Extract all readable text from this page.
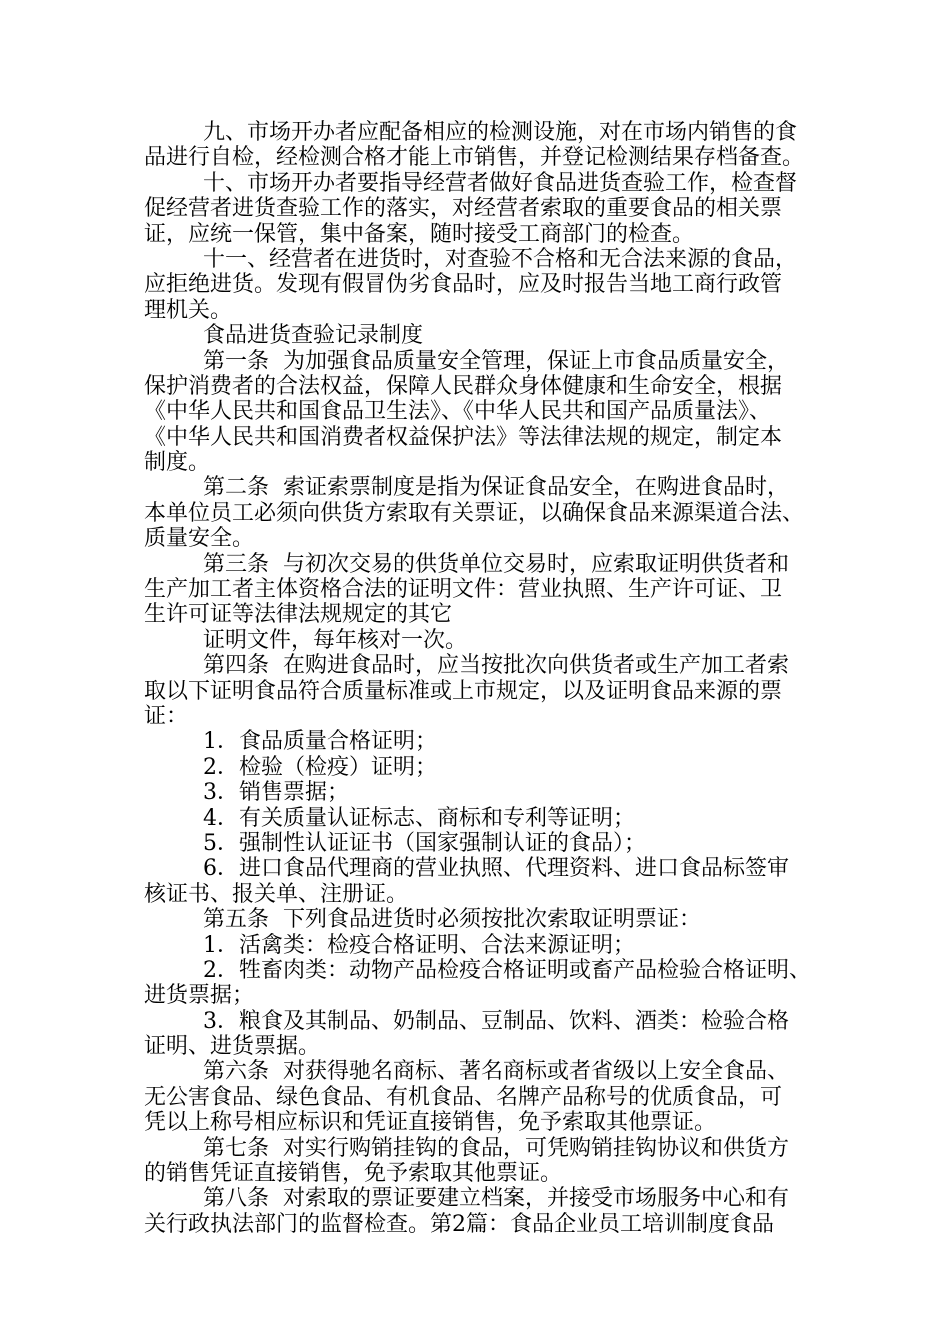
九、市场开办者应配备相应的检测设施，对在市场内销售的食
品进行自检，经检测合格才能上市销售，并登记检测结果存档备查。
十、市场开办者要指导经营者做好食品进货查验工作，检查督
促经营者进货查验工作的落实，对经营者索取的重要食品的相关票
证，应统一保管，集中备案，随时接受工商部门的检查。
十一、经营者在进货时，对查验不合格和无合法来源的食品，
应拒绝进货。发现有假冒伪劣食品时，应及时报告当地工商行政管
理机关。
食品进货查验记录制度
第一条  为加强食品质量安全管理，保证上市食品质量安全，
保护消费者的合法权益，保障人民群众身体健康和生命安全，根据
《中华人民共和国食品卫生法》、《中华人民共和国产品质量法》、
《中华人民共和国消费者权益保护法》等法律法规的规定，制定本
制度。
第二条  索证索票制度是指为保证食品安全，在购进食品时，
本单位员工必须向供货方索取有关票证，以确保食品来源渠道合法、
质量安全。
第三条  与初次交易的供货单位交易时，应索取证明供货者和
生产加工者主体资格合法的证明文件：营业执照、生产许可证、卫
生许可证等法律法规规定的其它
证明文件，每年核对一次。
第四条  在购进食品时，应当按批次向供货者或生产加工者索
取以下证明食品符合质量标准或上市规定，以及证明食品来源的票
证：
1．食品质量合格证明；
2．检验（检疫）证明；
3．销售票据；
4．有关质量认证标志、商标和专利等证明；
5．强制性认证证书（国家强制认证的食品）；
6．进口食品代理商的营业执照、代理资料、进口食品标签审
核证书、报关单、注册证。
第五条  下列食品进货时必须按批次索取证明票证：
1．活禽类：检疫合格证明、合法来源证明；
2．牲畜肉类：动物产品检疫合格证明或畜产品检验合格证明、
进货票据；
3．粮食及其制品、奶制品、豆制品、饮料、酒类：检验合格
证明、进货票据。
第六条  对获得驰名商标、著名商标或者省级以上安全食品、
无公害食品、绿色食品、有机食品、名牌产品称号的优质食品，可
凭以上称号相应标识和凭证直接销售，免予索取其他票证。
第七条  对实行购销挂钩的食品，可凭购销挂钩协议和供货方
的销售凭证直接销售，免予索取其他票证。
第八条  对索取的票证要建立档案，并接受市场服务中心和有
关行政执法部门的监督检查。第2篇：食品企业员工培训制度食品
